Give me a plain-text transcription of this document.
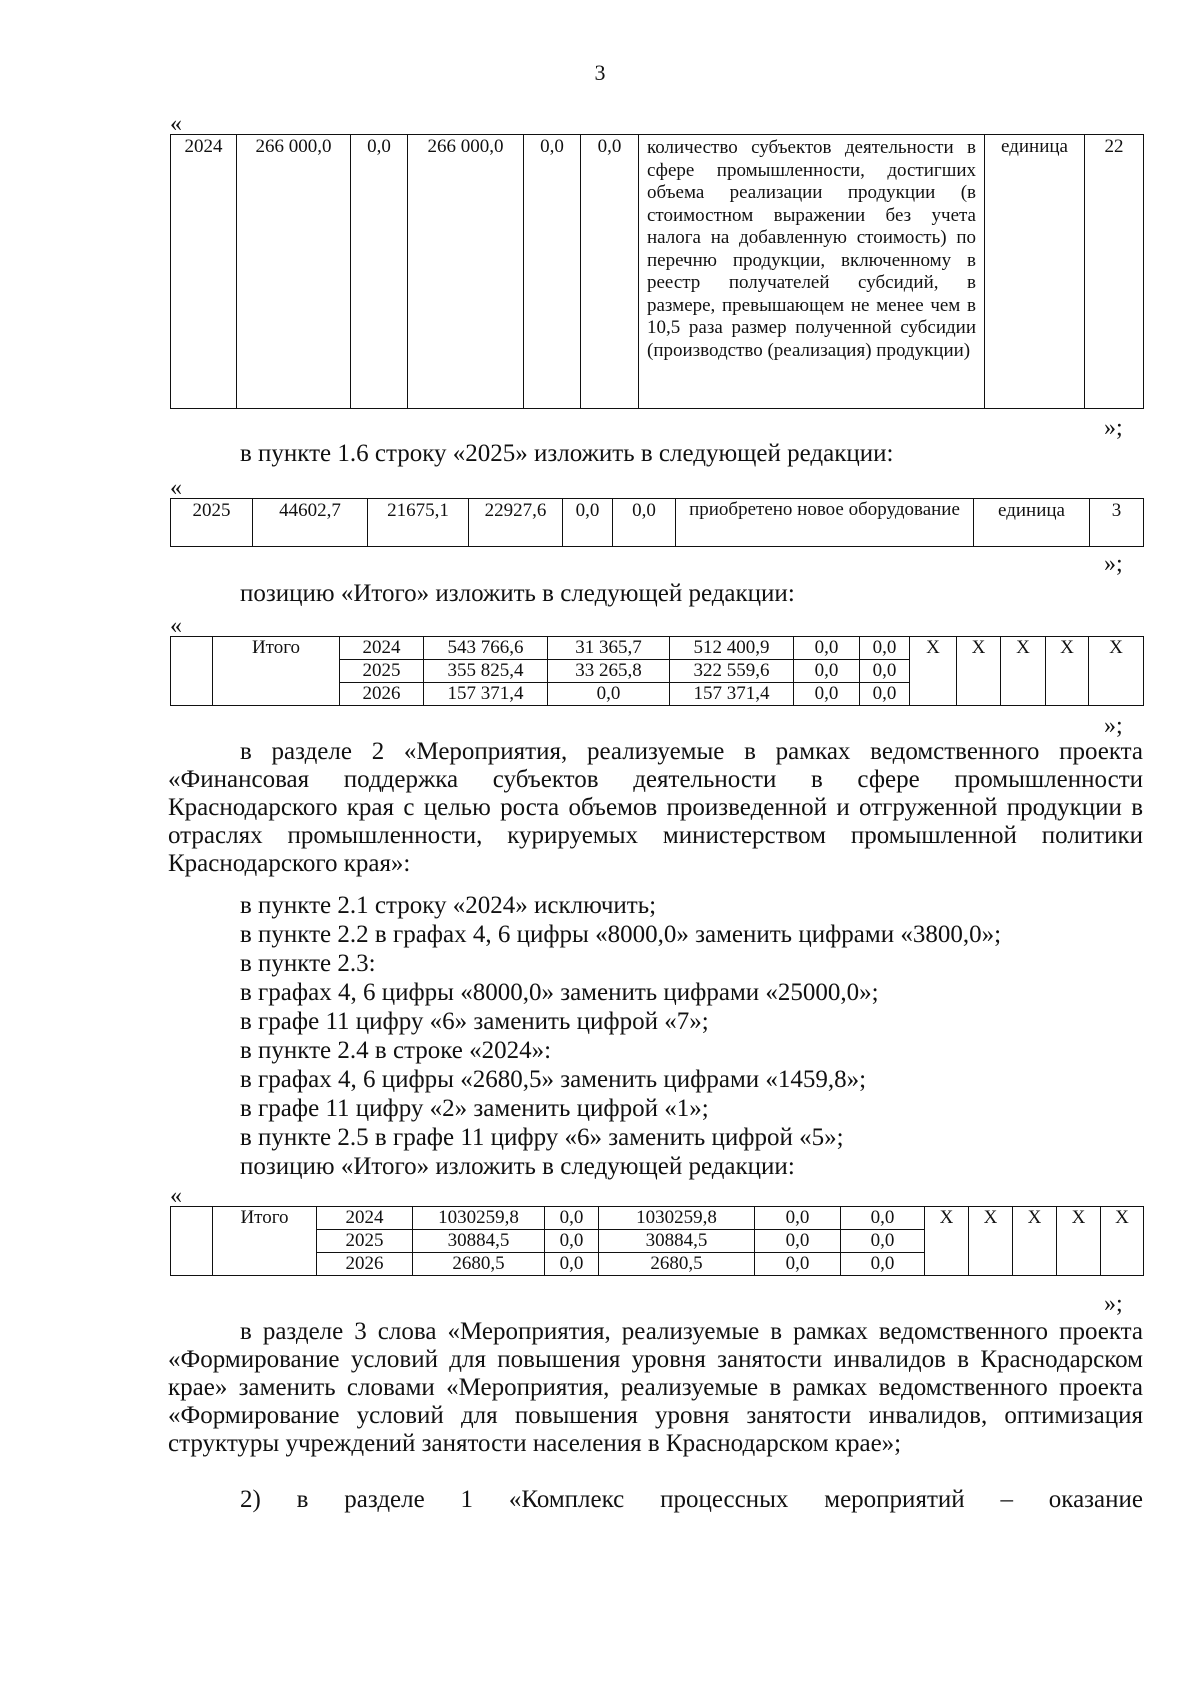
3
«
2024	266 000,0	0,0	266 000,0	0,0	0,0	количество субъектов деятельности в сфере промышленности, достигших объема реализации продукции (в стоимостном выражении без учета налога на добавленную стоимость) по перечню продукции, включенному в реестр получателей субсидий, в размере, превышающем не менее чем в 10,5 раза размер полученной субсидии (производство (реализация) продукции)	единица	22
»;
в пункте 1.6 строку «2025» изложить в следующей редакции:
«
2025	44602,7	21675,1	22927,6	0,0	0,0	приобретено новое оборудование	единица	3
»;
позицию «Итого» изложить в следующей редакции:
«
	Итого	2024	543 766,6	31 365,7	512 400,9	0,0	0,0	Х	Х	Х	Х	Х
		2025	355 825,4	33 265,8	322 559,6	0,0	0,0					
		2026	157 371,4	0,0	157 371,4	0,0	0,0					
»;

в разделе 2 «Мероприятия, реализуемые в рамках ведомственного проекта «Финансовая поддержка субъектов деятельности в сфере промышленности Краснодарского края с целью роста объемов произведенной и отгруженной продукции в отраслях промышленности, курируемых министерством промышленной политики Краснодарского края»:

в пункте 2.1 строку «2024» исключить;
в пункте 2.2 в графах 4, 6 цифры «8000,0» заменить цифрами «3800,0»;
в пункте 2.3:
в графах 4, 6 цифры «8000,0» заменить цифрами «25000,0»;
в графе 11 цифру «6» заменить цифрой «7»;
в пункте 2.4 в строке «2024»:
в графах 4, 6 цифры «2680,5» заменить цифрами «1459,8»;
в графе 11 цифру «2» заменить цифрой «1»;
в пункте 2.5 в графе 11 цифру «6» заменить цифрой «5»;
позицию «Итого» изложить в следующей редакции:
«
	Итого	2024	1030259,8	0,0	1030259,8	0,0	0,0	Х	Х	Х	Х	Х
		2025	30884,5	0,0	30884,5	0,0	0,0					
		2026	2680,5	0,0	2680,5	0,0	0,0					
»;

в разделе 3 слова «Мероприятия, реализуемые в рамках ведомственного проекта «Формирование условий для повышения уровня занятости инвалидов в Краснодарском крае» заменить словами «Мероприятия, реализуемые в рамках ведомственного проекта «Формирование условий для повышения уровня занятости инвалидов, оптимизация структуры учреждений занятости населения в Краснодарском крае»;

2) в разделе 1 «Комплекс процессных мероприятий – оказание
